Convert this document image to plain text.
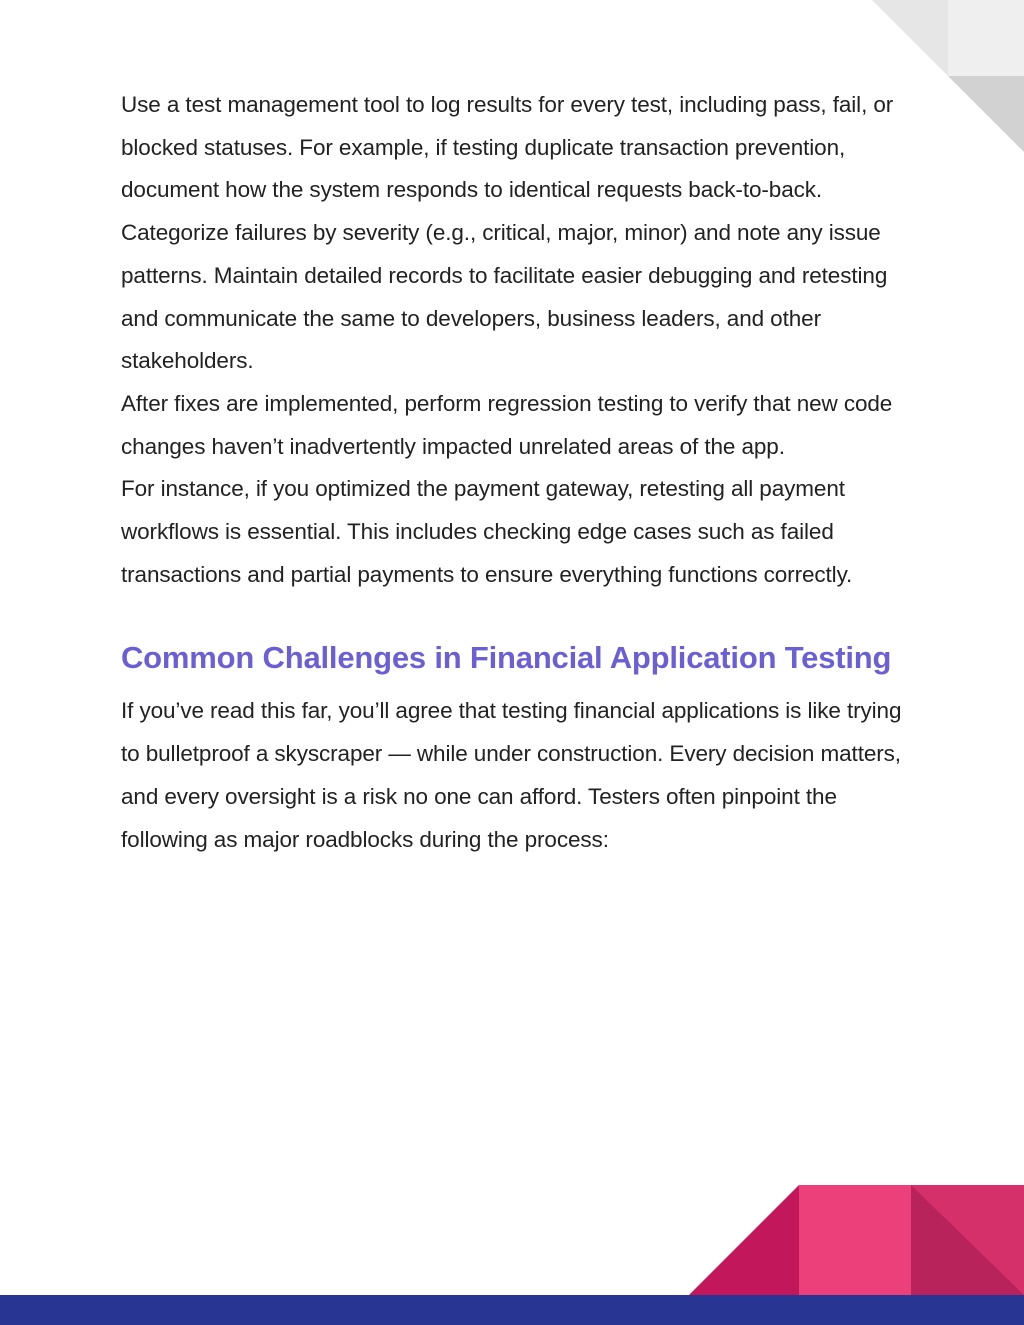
Use a test management tool to log results for every test, including pass, fail, or blocked statuses. For example, if testing duplicate transaction prevention, document how the system responds to identical requests back-to-back.

Categorize failures by severity (e.g., critical, major, minor) and note any issue patterns. Maintain detailed records to facilitate easier debugging and retesting and communicate the same to developers, business leaders, and other stakeholders.

After fixes are implemented, perform regression testing to verify that new code changes haven’t inadvertently impacted unrelated areas of the app.

For instance, if you optimized the payment gateway, retesting all payment workflows is essential. This includes checking edge cases such as failed transactions and partial payments to ensure everything functions correctly.

Common Challenges in Financial Application Testing

If you’ve read this far, you’ll agree that testing financial applications is like trying to bulletproof a skyscraper — while under construction. Every decision matters, and every oversight is a risk no one can afford. Testers often pinpoint the following as major roadblocks during the process:
